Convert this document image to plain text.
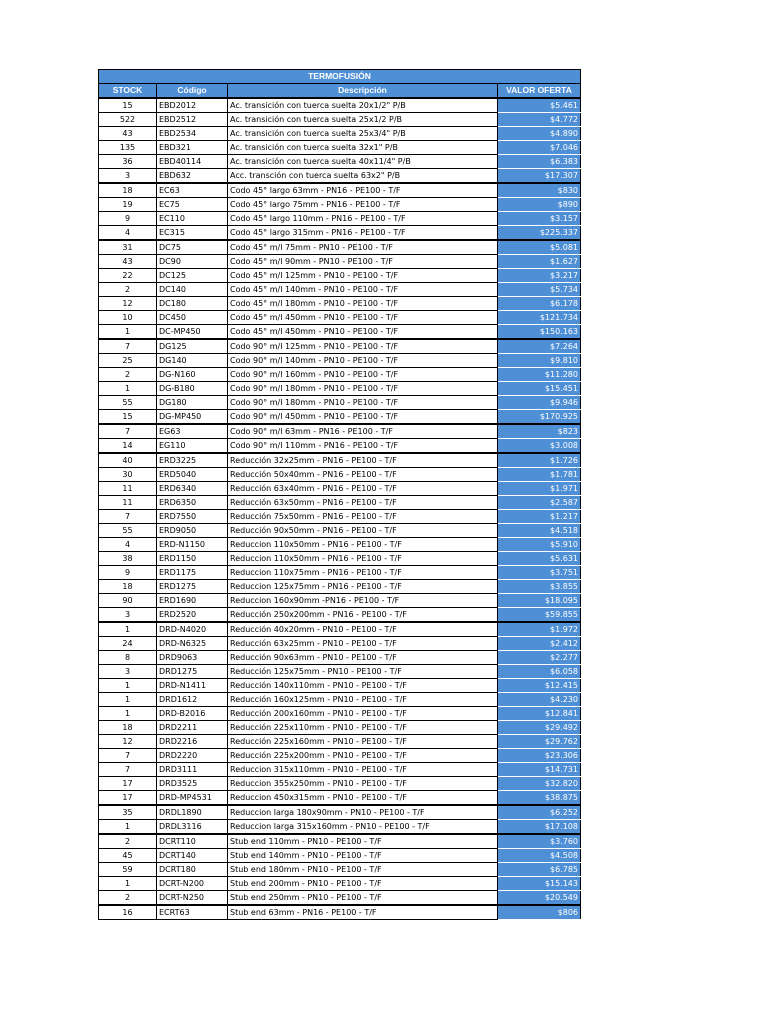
TERMOFUSIÓN			
STOCK	Código	Descripción	VALOR OFERTA
15	EBD2012	Ac. transición con tuerca suelta 20x1/2" P/B	$5.461
522	EBD2512	Ac. transición con tuerca suelta 25x1/2 P/B	$4.772
43	EBD2534	Ac. transición con tuerca suelta 25x3/4" P/B	$4.890
135	EBD321	Ac. transición con tuerca suelta 32x1" P/B	$7.046
36	EBD40114	Ac. transición con tuerca suelta 40x11/4" P/B	$6.383
3	EBD632	Acc. transción con tuerca suelta 63x2" P/B	$17.307
18	EC63	Codo 45° largo 63mm - PN16 - PE100 - T/F	$830
19	EC75	Codo 45° largo 75mm - PN16 - PE100 - T/F	$890
9	EC110	Codo 45° largo 110mm - PN16 - PE100 - T/F	$3.157
4	EC315	Codo 45° largo 315mm - PN16 - PE100 - T/F	$225.337
31	DC75	Codo 45° m/l 75mm - PN10 - PE100 - T/F	$5.081
43	DC90	Codo 45° m/l 90mm - PN10 - PE100 - T/F	$1.627
22	DC125	Codo 45° m/l 125mm - PN10 - PE100 - T/F	$3.217
2	DC140	Codo 45° m/l 140mm - PN10 - PE100 - T/F	$5.734
12	DC180	Codo 45° m/l 180mm - PN10 - PE100 - T/F	$6.178
10	DC450	Codo 45° m/l 450mm - PN10 - PE100 - T/F	$121.734
1	DC-MP450	Codo 45° m/l 450mm - PN10 - PE100 - T/F	$150.163
7	DG125	Codo 90° m/l 125mm - PN10 - PE100 - T/F	$7.264
25	DG140	Codo 90° m/l 140mm - PN10 - PE100 - T/F	$9.810
2	DG-N160	Codo 90° m/l 160mm - PN10 - PE100 - T/F	$11.280
1	DG-B180	Codo 90° m/l 180mm - PN10 - PE100 - T/F	$15.451
55	DG180	Codo 90° m/l 180mm - PN10 - PE100 - T/F	$9.946
15	DG-MP450	Codo 90° m/l 450mm - PN10 - PE100 - T/F	$170.925
7	EG63	Codo 90° m/l 63mm - PN16 - PE100 - T/F	$823
14	EG110	Codo 90° m/l 110mm - PN16 - PE100 - T/F	$3.008
40	ERD3225	Reducción 32x25mm - PN16 - PE100 - T/F	$1.726
30	ERD5040	Reducción 50x40mm - PN16 - PE100 - T/F	$1.781
11	ERD6340	Reducción 63x40mm - PN16 - PE100 - T/F	$1.971
11	ERD6350	Reducción 63x50mm - PN16 - PE100 - T/F	$2.587
7	ERD7550	Reducción 75x50mm - PN16 - PE100 - T/F	$1.217
55	ERD9050	Reducción 90x50mm - PN16 - PE100 - T/F	$4.518
4	ERD-N1150	Reduccion 110x50mm - PN16 - PE100 - T/F	$5.910
38	ERD1150	Reduccion 110x50mm - PN16 - PE100 - T/F	$5.631
9	ERD1175	Reduccion 110x75mm - PN16 - PE100 - T/F	$3.751
18	ERD1275	Reduccion 125x75mm - PN16 - PE100 - T/F	$3.855
90	ERD1690	Reduccion 160x90mm -PN16 - PE100 - T/F	$18.095
3	ERD2520	Reducción 250x200mm - PN16 - PE100 - T/F	$59.855
1	DRD-N4020	Reducción 40x20mm - PN10 - PE100 - T/F	$1.972
24	DRD-N6325	Reducción 63x25mm - PN10 - PE100 - T/F	$2.412
8	DRD9063	Reducción 90x63mm - PN10 - PE100 - T/F	$2.277
3	DRD1275	Reducción 125x75mm - PN10 - PE100 - T/F	$6.058
1	DRD-N1411	Reducción 140x110mm - PN10 - PE100 - T/F	$12.415
1	DRD1612	Reducción 160x125mm - PN10 - PE100 - T/F	$4.230
1	DRD-B2016	Reducción 200x160mm - PN10 - PE100 - T/F	$12.841
18	DRD2211	Reducción 225x110mm - PN10 - PE100 - T/F	$29.492
12	DRD2216	Reducción 225x160mm - PN10 - PE100 - T/F	$29.762
7	DRD2220	Reducción 225x200mm - PN10 - PE100 - T/F	$23.306
7	DRD3111	Reduccion 315x110mm - PN10 - PE100 - T/F	$14.731
17	DRD3525	Reduccion 355x250mm - PN10 - PE100 - T/F	$32.820
17	DRD-MP4531	Reduccion 450x315mm - PN10 - PE100 - T/F	$38.875
35	DRDL1890	Reduccion larga 180x90mm - PN10 - PE100 - T/F	$6.252
1	DRDL3116	Reduccion larga 315x160mm - PN10 - PE100 - T/F	$17.108
2	DCRT110	Stub end 110mm - PN10 - PE100 - T/F	$3.760
45	DCRT140	Stub end 140mm - PN10 - PE100 - T/F	$4.508
59	DCRT180	Stub end 180mm - PN10 - PE100 - T/F	$6.785
1	DCRT-N200	Stub end 200mm - PN10 - PE100 - T/F	$15.143
2	DCRT-N250	Stub end 250mm - PN10 - PE100 - T/F	$20.549
16	ECRT63	Stub end 63mm - PN16 - PE100 - T/F	$806
